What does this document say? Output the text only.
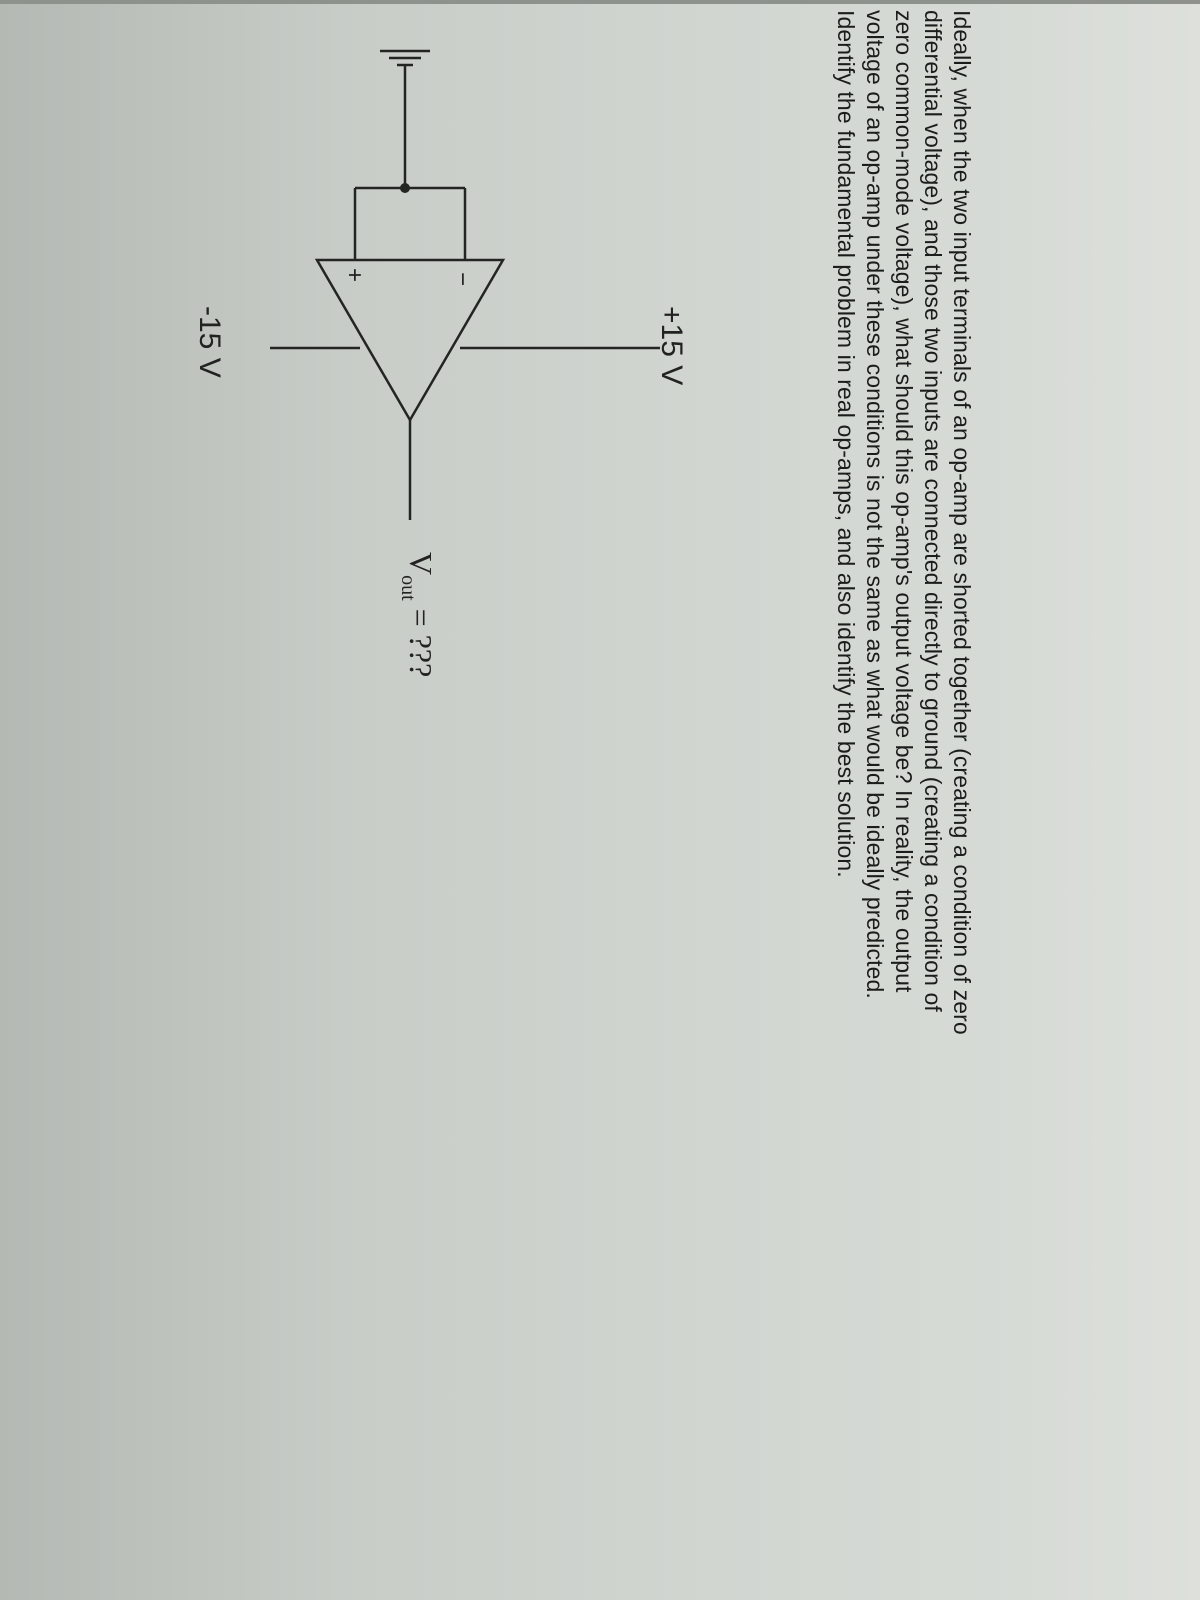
Ideally, when the two input terminals of an op-amp are shorted together (creating a condition of zero
differential voltage), and those two inputs are connected directly to ground (creating a condition of
zero common-mode voltage), what should this op-amp's output voltage be? In reality, the output
voltage of an op-amp under these conditions is not the same as what would be ideally predicted.
Identify the fundamental problem in real op-amps, and also identify the best solution.
−
+
+15 V
-15 V
$V_{out}=$ ???
